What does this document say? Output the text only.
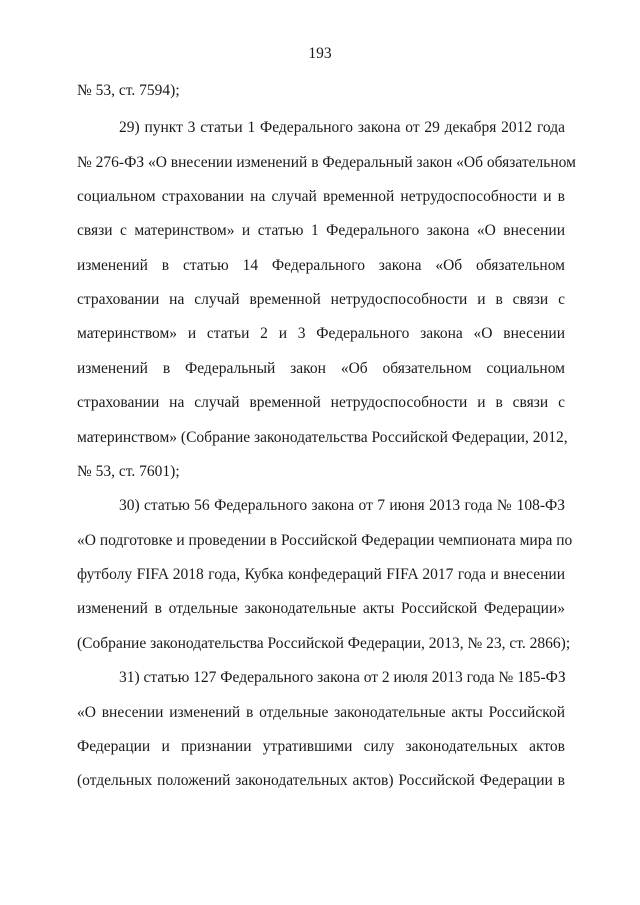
193
№ 53, ст. 7594);
29) пункт 3 статьи 1 Федерального закона от 29 декабря 2012 года
№ 276-ФЗ «О внесении изменений в Федеральный закон «Об обязательном
социальном страховании на случай временной нетрудоспособности и в
связи с материнством» и статью 1 Федерального закона «О внесении
изменений в статью 14 Федерального закона «Об обязательном
страховании на случай временной нетрудоспособности и в связи с
материнством» и статьи 2 и 3 Федерального закона «О внесении
изменений в Федеральный закон «Об обязательном социальном
страховании на случай временной нетрудоспособности и в связи с
материнством» (Собрание законодательства Российской Федерации, 2012,
№ 53, ст. 7601);
30) статью 56 Федерального закона от 7 июня 2013 года № 108-ФЗ
«О подготовке и проведении в Российской Федерации чемпионата мира по
футболу FIFA 2018 года, Кубка конфедераций FIFA 2017 года и внесении
изменений в отдельные законодательные акты Российской Федерации»
(Собрание законодательства Российской Федерации, 2013, № 23, ст. 2866);
31) статью 127 Федерального закона от 2 июля 2013 года № 185-ФЗ
«О внесении изменений в отдельные законодательные акты Российской
Федерации и признании утратившими силу законодательных актов
(отдельных положений законодательных актов) Российской Федерации в
